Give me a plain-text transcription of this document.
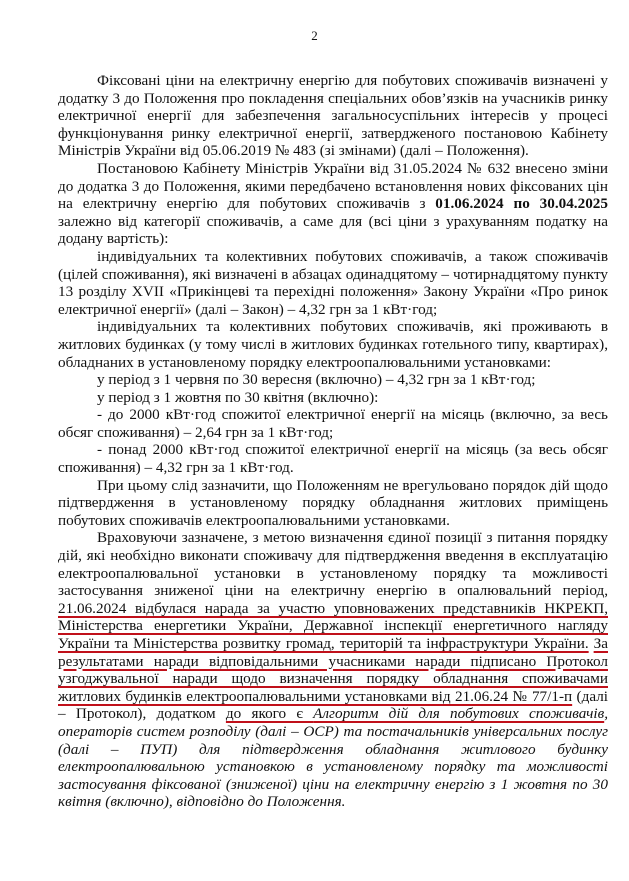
2

Фіксовані ціни на електричну енергію для побутових споживачів визначені у додатку 3 до Положення про покладення спеціальних обов’язків на учасників ринку електричної енергії для забезпечення загальносуспільних інтересів у процесі функціонування ринку електричної енергії, затвердженого постановою Кабінету Міністрів України від 05.06.2019 № 483 (зі змінами) (далі – Положення).

Постановою Кабінету Міністрів України від 31.05.2024 № 632 внесено зміни до додатка 3 до Положення, якими передбачено встановлення нових фіксованих цін на електричну енергію для побутових споживачів з 01.06.2024 по 30.04.2025 залежно від категорії споживачів, а саме для (всі ціни з урахуванням податку на додану вартість):

індивідуальних та колективних побутових споживачів, а також споживачів (цілей споживання), які визначені в абзацах одинадцятому – чотирнадцятому пункту 13 розділу XVII «Прикінцеві та перехідні положення» Закону України «Про ринок електричної енергії» (далі – Закон) – 4,32 грн за 1 кВт·год;

індивідуальних та колективних побутових споживачів, які проживають в житлових будинках (у тому числі в житлових будинках готельного типу, квартирах), обладнаних в установленому порядку електроопалювальними установками:

у період з 1 червня по 30 вересня (включно) – 4,32 грн за 1 кВт·год;

у період з 1 жовтня по 30 квітня (включно):

- до 2000 кВт·год спожитої електричної енергії на місяць (включно, за весь обсяг споживання) – 2,64 грн за 1 кВт·год;

- понад 2000 кВт·год спожитої електричної енергії на місяць (за весь обсяг споживання) – 4,32 грн за 1 кВт·год.

При цьому слід зазначити, що Положенням не врегульовано порядок дій щодо підтвердження в установленому порядку обладнання житлових приміщень побутових споживачів електроопалювальними установками.

Враховуючи зазначене, з метою визначення єдиної позиції з питання порядку дій, які необхідно виконати споживачу для підтвердження введення в експлуатацію електроопалювальної установки в установленому порядку та можливості застосування зниженої ціни на електричну енергію в опалювальний період, 21.06.2024 відбулася нарада за участю уповноважених представників НКРЕКП, Міністерства енергетики України, Державної інспекції енергетичного нагляду України та Міністерства розвитку громад, територій та інфраструктури України. За результатами наради відповідальними учасниками наради підписано Протокол узгоджувальної наради щодо визначення порядку обладнання споживачами житлових будинків електроопалювальними установками від 21.06.24 № 77/1-п (далі – Протокол), додатком до якого є Алгоритм дій для побутових споживачів, операторів систем розподілу (далі – ОСР) та постачальників універсальних послуг (далі – ПУП) для підтвердження обладнання житлового будинку електроопалювальною установкою в установленому порядку та можливості застосування фіксованої (зниженої) ціни на електричну енергію з 1 жовтня по 30 квітня (включно), відповідно до Положення.
